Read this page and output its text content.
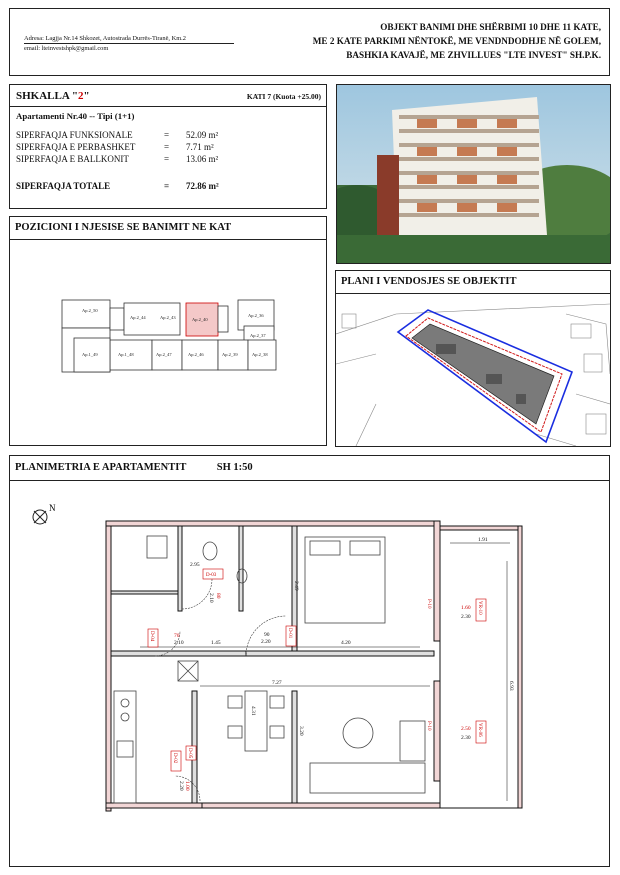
Adresa: Lagjja Nr.14 Shkozet, Autostrada Durrës-Tiranë, Km.2
email: lteinvestshpk@gmail.com
OBJEKT BANIMI DHE SHËRBIMI 10 DHE 11 KATE,
ME 2 KATE PARKIMI NËNTOKË, ME VENDNDODHJE NË GOLEM,
BASHKIA KAVAJË, ME ZHVILLUES "LTE INVEST" SH.P.K.
SHKALLA "2"	KATI 7 (Kuota +25.00)
Apartamenti Nr.40 -- Tipi (1+1)
SIPERFAQJA FUNKSIONALE	= 52.09 m²
SIPERFAQJA E PERBASHKET	= 7.71 m²
SIPERFAQJA E BALLKONIT	= 13.06 m²
SIPERFAQJA TOTALE	= 72.86 m²
POZICIONI I NJESISE SE BANIMIT NE KAT
Ap.2_50
Ap.2_44	Ap.2_43	Ap.2_40
Ap.2_36
Ap.2_37
Ap.1_49	Ap.1_48	Ap.2_47	Ap.2_46	Ap.2_39	Ap.2_38
PLANI I VENDOSJES SE OBJEKTIT
PLANIMETRIA E APARTAMENTIT	SH 1:50
N
1.91
2.95
2.49
1.45	4.20
90
2.20
7.27
4.31
3.20
6.93
1.60
2.30
2.50
2.30
1.00
2.20
80
2.10
70
2.10
D-03
D-04	D-01
D-02
VR-10
VR-06
P-10
P-10
D-05
